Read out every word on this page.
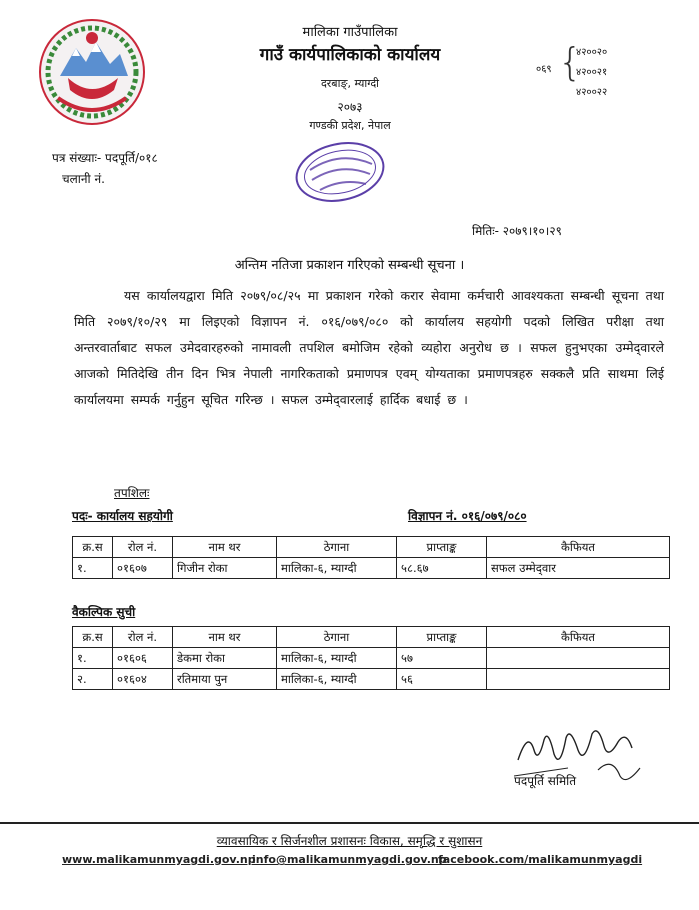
मालिका गाउँपालिका
गाउँ कार्यपालिकाको कार्यालय
दरबाङ्, म्याग्दी
२०७३
गण्डकी प्रदेश, नेपाल
०६९ {
४२००२०
४२००२१
४२००२२
पत्र संख्याः- पदपूर्ति/०१८
चलानी नं.
मितिः- २०७९।१०।२९
अन्तिम नतिजा प्रकाशन गरिएको सम्बन्धी सूचना ।
यस कार्यालयद्वारा मिति २०७९/०८/२५ मा प्रकाशन गरेको करार सेवामा कर्मचारी आवश्यकता सम्बन्धी सूचना तथा मिति २०७९/१०/२९ मा लिइएको विज्ञापन नं. ०१६/०७९/०८० को कार्यालय सहयोगी पदको लिखित परीक्षा तथा अन्तरवार्ताबाट सफल उमेदवारहरुको नामावली तपशिल बमोजिम रहेको व्यहोरा अनुरोध छ । सफल हुनुभएका उम्मेद्‌वारले आजको मितिदेखि तीन दिन भित्र नेपाली नागरिकताको प्रमाणपत्र एवम् योग्यताका प्रमाणपत्रहरु सक्कलै प्रति साथमा लिई कार्यालयमा सम्पर्क गर्नुहुन सूचित गरिन्छ । सफल उम्मेद्‌वारलाई हार्दिक बधाई छ ।
तपशिलः
पदः- कार्यालय सहयोगी	विज्ञापन नं. ०१६/०७९/०८०
क्र.स	रोल नं.	नाम थर	ठेगाना	प्राप्ताङ्क	कैफियत
१.	०१६०७	गिजीन रोका	मालिका-६, म्याग्दी	५८.६७	सफल उम्मेद्‌वार
वैकल्पिक सुची
क्र.स	रोल नं.	नाम थर	ठेगाना	प्राप्ताङ्क	कैफियत
१.	०१६०६	डेकमा रोका	मालिका-६, म्याग्दी	५७	
२.	०१६०४	रतिमाया पुन	मालिका-६, म्याग्दी	५६	
पदपूर्ति समिति
व्यावसायिक र सिर्जनशील प्रशासनः विकास, समृद्धि र सुशासन
www.malikamunmyagdi.gov.np
info@malikamunmyagdi.gov.np
facebook.com/malikamunmyagdi
